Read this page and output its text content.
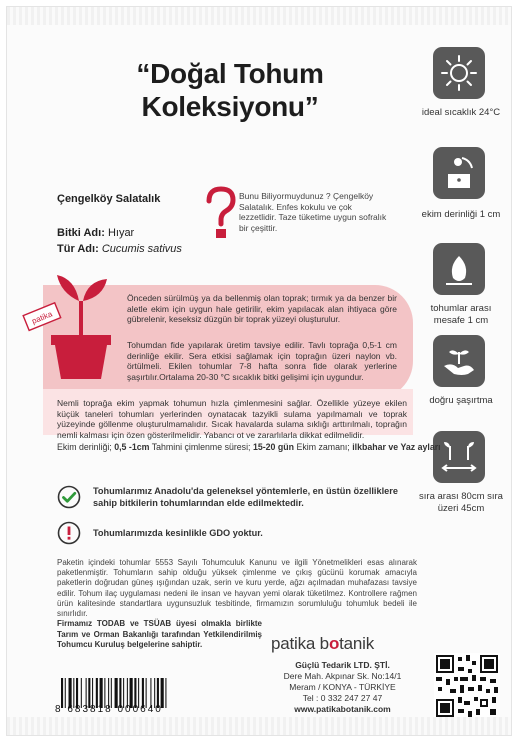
“Doğal Tohum Koleksiyonu”	ideal sıcaklık 24°C
ekim derinliği 1 cm
tohumlar arası mesafe 1 cm
doğru şaşırtma
sıra arası 80cm sıra üzeri 45cm
Çengelköy Salatalık
Bitki Adı: Hıyar
Tür Adı: Cucumis sativus
Bunu Biliyormuydunuz ? Çengelköy Salatalık. Enfes kokulu ve çok lezzetlidir. Taze tüketime uygun sofralık bir çeşittir.
patika
Önceden sürülmüş ya da bellenmiş olan toprak; tırmık ya da benzer bir aletle ekim için uygun hale getirilir, ekim yapılacak alan ihtiyaca göre gübrelenir, keseksiz düzgün bir toprak yüzeyi oluşturulur.
Tohumdan fide yapılarak üretim tavsiye edilir. Tavlı toprağa 0,5-1 cm derinliğe ekilir. Sera etkisi sağlamak için toprağın üzeri naylon vb. örtülmeli. Ekilen tohumlar 7-8 hafta sonra fide olarak yerlerine şaşırtılır.Ortalama 20-30 °C sıcaklık bitki gelişimi için uygundur.
Nemli toprağa ekim yapmak tohumun hızla çimlenmesini sağlar. Özellikle yüzeye ekilen küçük taneleri tohumları yerlerinden oynatacak tazyikli sulama yapılmamalı ve toprak yüzeyinde göllenme oluşturulmamalıdır. Sıcak havalarda sulama sıklığı arttırılmalı, toprağın nemli kalması için özen gösterilmelidir. Yabancı ot ve zararlılarla dikkat edilmelidir.
Ekim derinliği; 0,5 -1cm Tahmini çimlenme süresi; 15-20 gün Ekim zamanı; ilkbahar ve Yaz ayları
Tohumlarımız Anadolu'da geleneksel yöntemlerle, en üstün özelliklere sahip bitkilerin tohumlarından elde edilmektedir.
Tohumlarımızda kesinlikle GDO yoktur.
Paketin içindeki tohumlar 5553 Sayılı Tohumculuk Kanunu ve ilgili Yönetmelikleri esas alınarak paketlenmiştir. Tohumların sahip olduğu yüksek çimlenme ve çıkış gücünü korumak amacıyla paketlerin doğrudan güneş ışığından uzak, serin ve kuru yerde, ağzı açılmadan muhafazası tavsiye edilir. Tohum ilaç uygulaması nedeni ile insan ve hayvan yemi olarak tüketilmez. Kontrollere rağmen ürün kalitesinde standartlara uygunsuzluk tesbitinde, firmamızın sorumluluğu tohumluk bedeli ile sınırlıdır.
Firmamız TODAB ve TSÜAB üyesi olmakla birlikte Tarım ve Orman Bakanlığı tarafından Yetkilendirilmiş Tohumcu Kuruluş belgelerine sahiptir.	patika botanik
Güçlü Tedarik LTD. ŞTİ.
Dere Mah. Akpınar Sk. No:14/1
Meram / KONYA - TÜRKİYE
Tel : 0 332 247 27 47
www.patikabotanik.com
8 683818 000640
